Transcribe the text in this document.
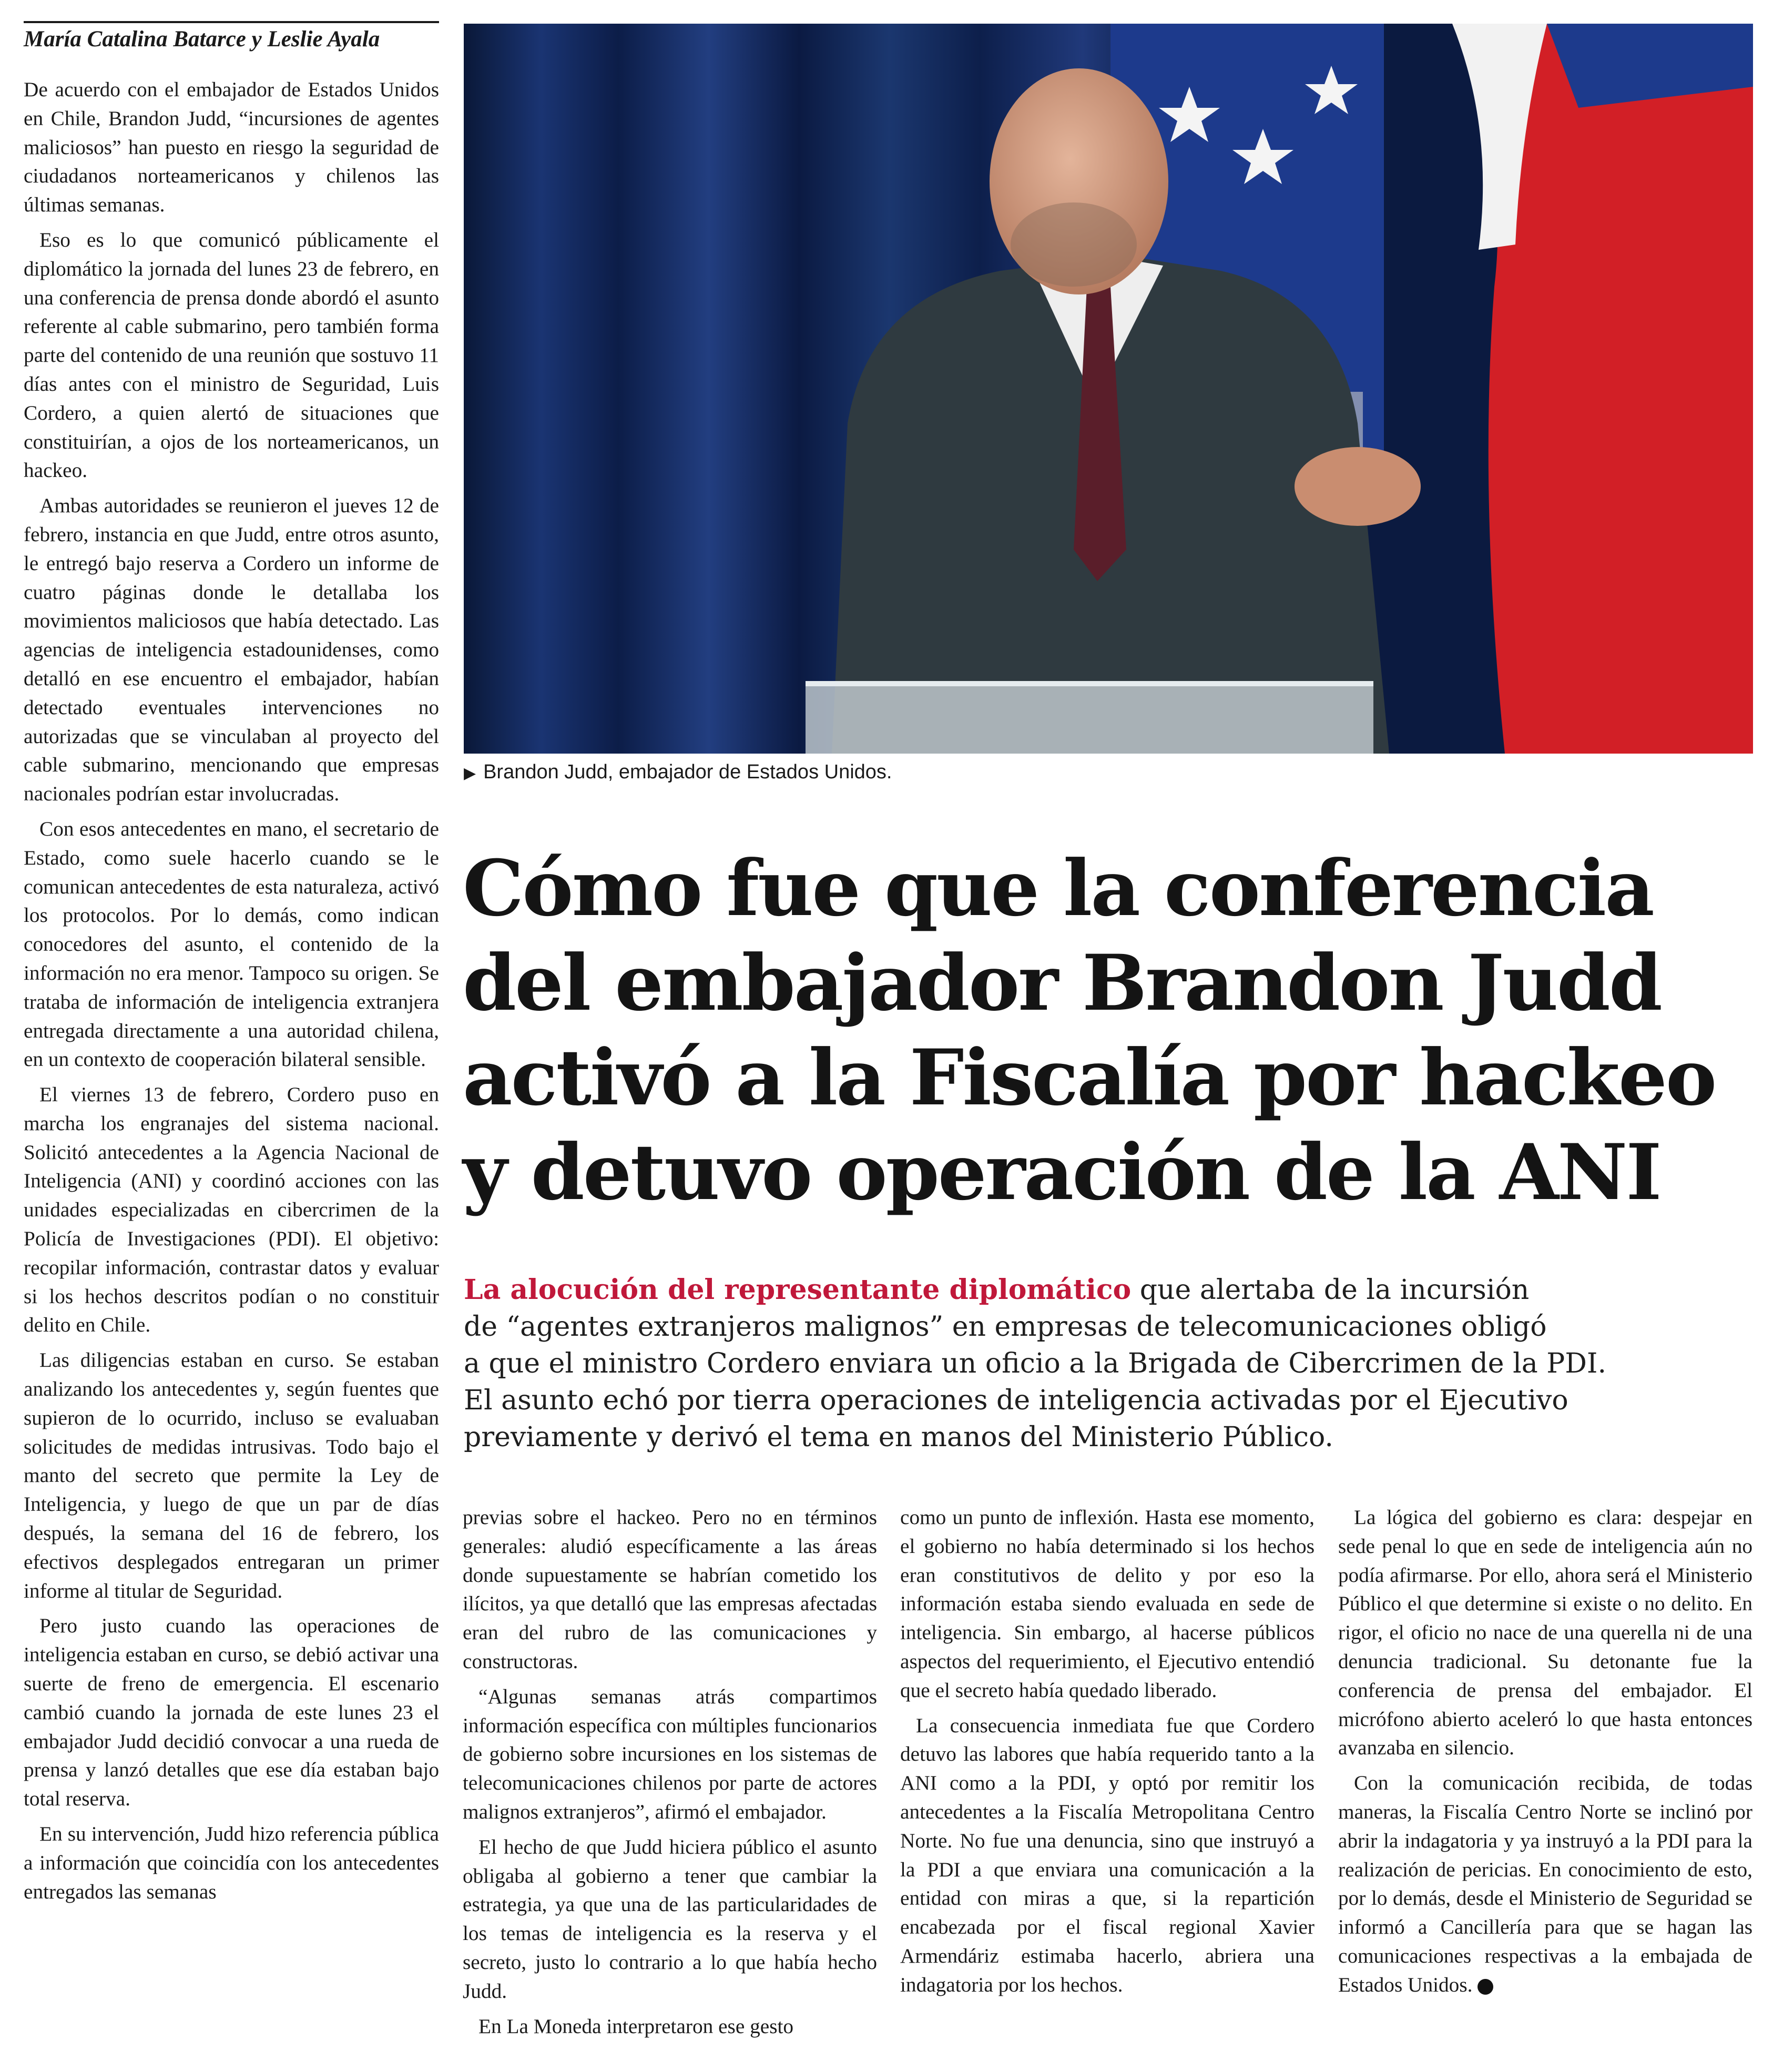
María Catalina Batarce y Leslie Ayala

De acuerdo con el embajador de Estados Unidos en Chile, Brandon Judd, “incursiones de agentes maliciosos” han puesto en riesgo la seguridad de ciudadanos norteamericanos y chilenos las últimas semanas.

Eso es lo que comunicó públicamente el diplomático la jornada del lunes 23 de febrero, en una conferencia de prensa donde abordó el asunto referente al cable submarino, pero también forma parte del contenido de una reunión que sostuvo 11 días antes con el ministro de Seguridad, Luis Cordero, a quien alertó de situaciones que constituirían, a ojos de los norteamericanos, un hackeo.

Ambas autoridades se reunieron el jueves 12 de febrero, instancia en que Judd, entre otros asunto, le entregó bajo reserva a Cordero un informe de cuatro páginas donde le detallaba los movimientos maliciosos que había detectado. Las agencias de inteligencia estadounidenses, como detalló en ese encuentro el embajador, habían detectado eventuales intervenciones no autorizadas que se vinculaban al proyecto del cable submarino, mencionando que empresas nacionales podrían estar involucradas.

Con esos antecedentes en mano, el secretario de Estado, como suele hacerlo cuando se le comunican antecedentes de esta naturaleza, activó los protocolos. Por lo demás, como indican conocedores del asunto, el contenido de la información no era menor. Tampoco su origen. Se trataba de información de inteligencia extranjera entregada directamente a una autoridad chilena, en un contexto de cooperación bilateral sensible.

El viernes 13 de febrero, Cordero puso en marcha los engranajes del sistema nacional. Solicitó antecedentes a la Agencia Nacional de Inteligencia (ANI) y coordinó acciones con las unidades especializadas en cibercrimen de la Policía de Investigaciones (PDI). El objetivo: recopilar información, contrastar datos y evaluar si los hechos descritos podían o no constituir delito en Chile.

Las diligencias estaban en curso. Se estaban analizando los antecedentes y, según fuentes que supieron de lo ocurrido, incluso se evaluaban solicitudes de medidas intrusivas. Todo bajo el manto del secreto que permite la Ley de Inteligencia, y luego de que un par de días después, la semana del 16 de febrero, los efectivos desplegados entregaran un primer informe al titular de Seguridad.

Pero justo cuando las operaciones de inteligencia estaban en curso, se debió activar una suerte de freno de emergencia. El escenario cambió cuando la jornada de este lunes 23 el embajador Judd decidió convocar a una rueda de prensa y lanzó detalles que ese día estaban bajo total reserva.

En su intervención, Judd hizo referencia pública a información que coincidía con los antecedentes entregados las semanas

▶ Brandon Judd, embajador de Estados Unidos.
Cómo fue que la conferencia
del embajador Brandon Judd
activó a la Fiscalía por hackeo
y detuvo operación de la ANI
La alocución del representante diplomático que alertaba de la incursión
de “agentes extranjeros malignos” en empresas de telecomunicaciones obligó
a que el ministro Cordero enviara un oficio a la Brigada de Cibercrimen de la PDI.
El asunto echó por tierra operaciones de inteligencia activadas por el Ejecutivo
previamente y derivó el tema en manos del Ministerio Público.

previas sobre el hackeo. Pero no en términos generales: aludió específicamente a las áreas donde supuestamente se habrían cometido los ilícitos, ya que detalló que las empresas afectadas eran del rubro de las comunicaciones y constructoras.

“Algunas semanas atrás compartimos información específica con múltiples funcionarios de gobierno sobre incursiones en los sistemas de telecomunicaciones chilenos por parte de actores malignos extranjeros”, afirmó el embajador.

El hecho de que Judd hiciera público el asunto obligaba al gobierno a tener que cambiar la estrategia, ya que una de las particularidades de los temas de inteligencia es la reserva y el secreto, justo lo contrario a lo que había hecho Judd.

En La Moneda interpretaron ese gesto

como un punto de inflexión. Hasta ese momento, el gobierno no había determinado si los hechos eran constitutivos de delito y por eso la información estaba siendo evaluada en sede de inteligencia. Sin embargo, al hacerse públicos aspectos del requerimiento, el Ejecutivo entendió que el secreto había quedado liberado.

La consecuencia inmediata fue que Cordero detuvo las labores que había requerido tanto a la ANI como a la PDI, y optó por remitir los antecedentes a la Fiscalía Metropolitana Centro Norte. No fue una denuncia, sino que instruyó a la PDI a que enviara una comunicación a la entidad con miras a que, si la repartición encabezada por el fiscal regional Xavier Armendáriz estimaba hacerlo, abriera una indagatoria por los hechos.

La lógica del gobierno es clara: despejar en sede penal lo que en sede de inteligencia aún no podía afirmarse. Por ello, ahora será el Ministerio Público el que determine si existe o no delito. En rigor, el oficio no nace de una querella ni de una denuncia tradicional. Su detonante fue la conferencia de prensa del embajador. El micrófono abierto aceleró lo que hasta entonces avanzaba en silencio.

Con la comunicación recibida, de todas maneras, la Fiscalía Centro Norte se inclinó por abrir la indagatoria y ya instruyó a la PDI para la realización de pericias. En conocimiento de esto, por lo demás, desde el Ministerio de Seguridad se informó a Cancillería para que se hagan las comunicaciones respectivas a la embajada de Estados Unidos.
